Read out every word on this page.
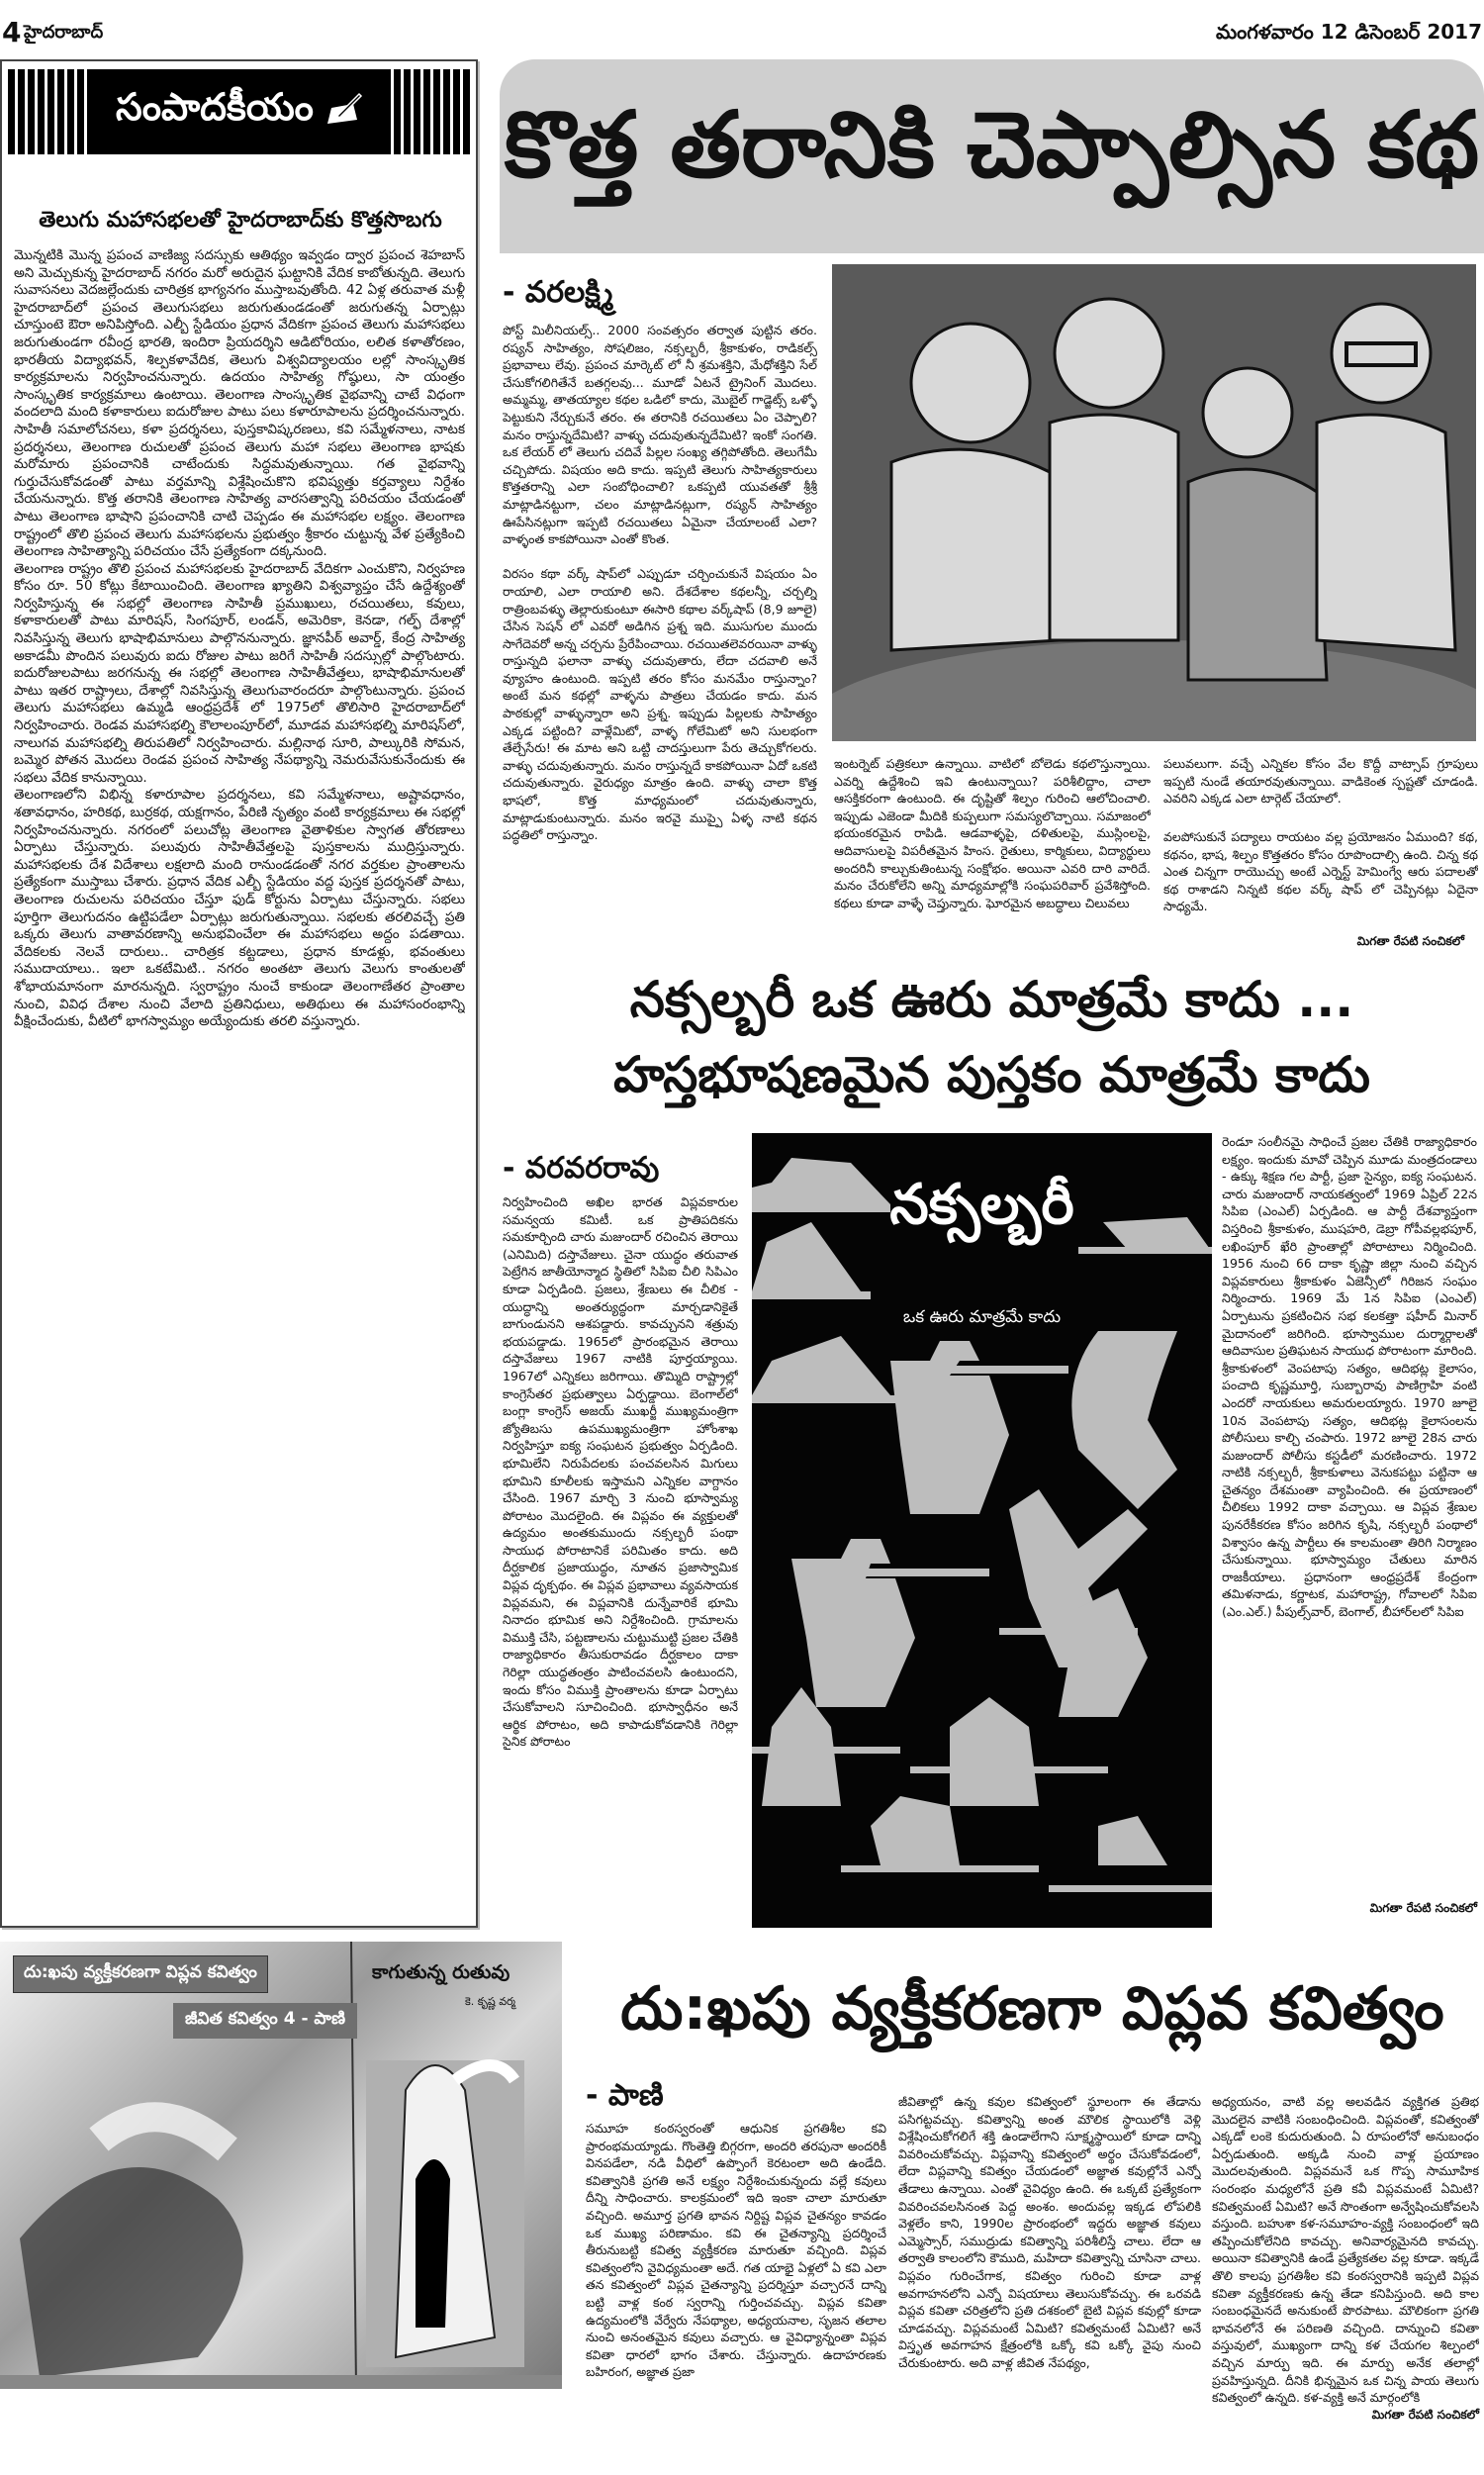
4 హైదరాబాద్	మంగళవారం 12 డిసెంబర్ 2017
సంపాదకీయం
తెలుగు మహాసభలతో హైదరాబాద్‌కు కొత్తసొబగు

మొన్నటికి మొన్న ప్రపంచ వాణిజ్య సదస్సుకు ఆతిథ్యం ఇవ్వడం ద్వార ప్రపంచ శెహబాస్ అని మెచ్చుకున్న హైదరాబాద్ నగరం మరో అరుదైన ఘట్టానికి వేదిక కాబోతున్నది. తెలుగు సువాసనలు వెదజల్లేందుకు చారిత్రక భాగ్యనగం ముస్తాబవుతోంది. 42 ఏళ్ల తరువాత మళ్లీ హైదరాబాద్‌లో ప్రపంచ తెలుగుసభలు జరుగుతుండడంతో జరుగుతన్న ఏర్పాట్లు చూస్తుంటె ఔరా అనిపిస్తోంది. ఎల్బీ స్టేడియం ప్రధాన వేదికగా ప్రపంచ తెలుగు మహాసభలు జరుగుతుండగా రవీంద్ర భారతి, ఇందిరా ప్రియదర్శిని ఆడిటోరియం, లలిత కళాతోరణం, భారతీయ విద్యాభవన్, శిల్పకళావేదిక, తెలుగు విశ్వవిద్యాలయం లల్లో సాంస్కృతిక కార్యక్రమాలను నిర్వహించనున్నారు. ఉదయం సాహిత్య గోష్ఠులు, సా యంత్రం సాంస్కృతిక కార్యక్రమాలు ఉంటాయి. తెలంగాణ సాంస్కృతిక వైభవాన్ని చాటే విధంగా వందలాది మంది కళాకారులు ఐదురోజుల పాటు పలు కళారూపాలను ప్రదర్శించనున్నారు. సాహితీ సమాలోచనలు, కళా ప్రదర్శనలు, పుస్తకావిష్కరణలు, కవి సమ్మేళనాలు, నాటక ప్రదర్శనలు, తెలంగాణ రుచులతో ప్రపంచ తెలుగు మహా సభలు తెలంగాణ భాషకు మరోమారు ప్రపంచానికి చాటేందుకు సిద్ధమవుతున్నాయి. గత వైభవాన్ని గుర్తుచేసుకోవడంతో పాటు వర్తమాన్ని విశ్లేషించుకొని భవిష్యత్తు కర్తవ్యాలు నిర్దేశం చేయనున్నారు. కొత్త తరానికి తెలంగాణ సాహిత్య వారసత్వాన్ని పరిచయం చేయడంతో పాటు తెలంగాణ భాషాని ప్రపంచానికి చాటి చెప్పడం ఈ మహాసభల లక్ష్యం. తెలంగాణ రాష్ట్రంలో తొలి ప్రపంచ తెలుగు మహాసభలను ప్రభుత్వం శ్రీకారం చుట్టున్న వేళ ప్రత్యేకించి తెలంగాణ సాహిత్యాన్ని పరిచయం చేసే ప్రత్యేకంగా దక్కనుంది.

తెలంగాణ రాష్ట్రం తొలి ప్రపంచ మహాసభలకు హైదరాబాద్ వేదికగా ఎంచుకొని, నిర్వహణ కోసం రూ. 50 కోట్లు కేటాయించింది. తెలంగాణ ఖ్యాతిని విశ్వవ్యాప్తం చేసే ఉద్దేశ్యంతో నిర్వహిస్తున్న ఈ సభల్లో తెలంగాణ సాహితీ ప్రముఖులు, రచయితలు, కవులు, కళాకారులతో పాటు మారిషస్, సింగపూర్, లండన్, అమెరికా, కెనడా, గల్ఫ్ దేశాల్లో నివసిస్తున్న తెలుగు భాషాభిమానులు పాల్గొననున్నారు. జ్ఞానపీఠ్ అవార్డ్, కేంద్ర సాహిత్య అకాడమీ పొందిన పలువురు ఐదు రోజుల పాటు జరిగే సాహితీ సదస్సుల్లో పాల్గొంటారు. ఐదురోజులపాటు జరగనున్న ఈ సభల్లో తెలంగాణ సాహితీవేత్తలు, భాషాభిమానులతో పాటు ఇతర రాష్ట్రాలు, దేశాల్లో నివసిస్తున్న తెలుగువారందరూ పాల్గొంటున్నారు. ప్రపంచ తెలుగు మహాసభలు ఉమ్మడి ఆంధ్రప్రదేశ్ లో 1975లో తొలిసారి హైదరాబాద్‌లో నిర్వహించారు. రెండవ మహాసభల్ని కౌలాలంపూర్‌లో, మూడవ మహాసభల్ని మారిషస్‌లో, నాలుగవ మహాసభల్ని తిరుపతిలో నిర్వహించారు. మల్లినాథ సూరి, పాల్కురికి సోమన, బమ్మెర పోతన మొదలు రెండవ ప్రపంచ సాహిత్య నేపథ్యాన్ని నెమరువేసుకునేందుకు ఈ సభలు వేదిక కానున్నాయి.

తెలంగాణలోని విభిన్న కళారూపాల ప్రదర్శనలు, కవి సమ్మేళనాలు, అష్టావధానం, శతావధానం, హరికథ, బుర్రకథ, యక్షగానం, పేరిణి నృత్యం వంటి కార్యక్రమాలు ఈ సభల్లో నిర్వహించనున్నారు. నగరంలో పలుచోట్ల తెలంగాణ వైతాళికుల స్వాగత తోరణాలు ఏర్పాటు చేస్తున్నారు. పలువురు సాహితీవేత్తలపై పుస్తకాలను ముద్రిస్తున్నారు. మహాసభలకు దేశ విదేశాలు లక్షలాది మంది రానుండడంతో నగర వర్తకుల ప్రాంతాలను ప్రత్యేకంగా ముస్తాబు చేశారు. ప్రధాన వేదిక ఎల్బీ స్టేడియం వద్ద పుస్తక ప్రదర్శనతో పాటు, తెలంగాణ రుచులను పరిచయం చేస్తూ ఫుడ్ కోర్టును ఏర్పాటు చేస్తున్నారు. సభలు పూర్తిగా తెలుగుదనం ఉట్టిపడేలా ఏర్పాట్లు జరుగుతున్నాయి. సభలకు తరలివచ్చే ప్రతి ఒక్కరు తెలుగు వాతావరణాన్ని అనుభవించేలా ఈ మహాసభలు అద్దం పడతాయి. వేదికలకు నెలవే దారులు.. చారిత్రక కట్టడాలు, ప్రధాన కూడళ్లు, భవంతులు సముదాయాలు.. ఇలా ఒకటేమిటి.. నగరం అంతటా తెలుగు వెలుగు కాంతులతో శోభాయమానంగా మారనున్నది. స్వరాష్ట్రం నుంచే కాకుండా తెలంగాణేతర ప్రాంతాల నుంచి, వివిధ దేశాల నుంచి వేలాది ప్రతినిధులు, అతిథులు ఈ మహాసంరంభాన్ని వీక్షించేందుకు, వీటిలో భాగస్వామ్యం అయ్యేందుకు తరలి వస్తున్నారు.

కొత్త తరానికి చెప్పాల్సిన కథ
- వరలక్ష్మి

పోస్ట్ మిలీనియల్స్.. 2000 సంవత్సరం తర్వాత పుట్టిన తరం. రష్యన్ సాహిత్యం, సోషలిజం, నక్సల్బరీ, శ్రీకాకుళం, రాడికల్స్ ప్రభావాలు లేవు. ప్రపంచ మార్కెట్ లో నీ శ్రమశక్తిని, మేధోశక్తిని సేల్ చేసుకోగలిగితేనే బతగ్గలవు... మూడో ఏటనే ట్రైనింగ్ మొదలు. అమ్మమ్మ, తాతయ్యాల కథల ఒడిలో కాదు, మొబైల్ గాడ్జెట్స్ ఒళ్ళో పెట్టుకుని నేర్చుకునే తరం. ఈ తరానికి రచయితలు ఏం చెప్పాలి? మనం రాస్తున్నదేమిటి? వాళ్ళు చదువుతున్నదేమిటి? ఇంకో సంగతి. ఒక లేయర్ లో తెలుగు చదివే పిల్లల సంఖ్య తగ్గిపోతోంది. తెలుగేమీ చచ్చిపోదు. విషయం అది కాదు. ఇప్పటి తెలుగు సాహిత్యకారులు కొత్తతరాన్ని ఎలా సంబోధించాలి? ఒకప్పటి యువతతో శ్రీశ్రీ మాట్లాడినట్టుగా, చలం మాట్లాడినట్లుగా, రష్యన్ సాహిత్యం ఊపేసినట్లుగా ఇప్పటి రచయితలు ఏమైనా చేయాలంటే ఎలా? వాళ్ళంత కాకపోయినా ఎంతో కొంత.

విరసం కథా వర్క్ షాప్‌లో ఎప్పుడూ చర్చించుకునే విషయం ఏం రాయాలి, ఎలా రాయాలి అని. దేశదేశాల కథలన్నీ, చర్చల్ని రాత్రింబవళ్ళు తెల్లారుకుంటూ ఈసారి కథాల వర్క్‌షాప్ (8,9 జూలై) చేసిన సెషన్ లో ఎవరో అడిగిన ప్రశ్న ఇది. ముసుగుల ముందు సాగేదెవరో అన్న చర్చను ప్రేరేపించాయి. రచయితలెవరయినా వాళ్ళు రాస్తున్నది ఫలానా వాళ్ళు చదువుతారు, లేదా చదవాలి అనే వ్యూహం ఉంటుంది. ఇప్పటి తరం కోసం మనమేం రాస్తున్నాం? అంటే మన కథల్లో వాళ్ళను పాత్రలు చేయడం కాదు. మన పాఠకుల్లో వాళ్ళున్నారా అని ప్రశ్న. ఇప్పుడు పిల్లలకు సాహిత్యం ఎక్కడ పట్టింది? వాళ్లేమిటో, వాళ్ళ గోలేమిటో అని సులభంగా తేల్చేసేరు! ఈ మాట అని ఒట్టి చాదస్తులుగా పేరు తెచ్చుకోగలరు. వాళ్ళు చదువుతున్నారు. మనం రాస్తున్నదే కాకపోయినా ఏదో ఒకటి చదువుతున్నారు. వైరుధ్యం మాత్రం ఉంది. వాళ్ళు చాలా కొత్త భాషలో, కొత్త మాధ్యమంలో చదువుతున్నారు, మాట్లాడుకుంటున్నారు. మనం ఇరవై ముప్పై ఏళ్ళ నాటి కథన పద్ధతిలో రాస్తున్నాం.

ఇంటర్నెట్ పత్రికలూ ఉన్నాయి. వాటిలో బోలెడు కథలొస్తున్నాయి. ఎవర్ని ఉద్దేశించి ఇవి ఉంటున్నాయి? పరిశీలిద్దాం, చాలా ఆసక్తికరంగా ఉంటుంది. ఈ దృష్టితో శిల్పం గురించి ఆలోచించాలి. ఇప్పుడు ఎజెండా మీదికి కుప్పలుగా సమస్యలొచ్చాయి. సమాజంలో భయంకరమైన రాపిడి. ఆడవాళ్ళపై, దళితులపై, ముస్లింలపై, ఆదివాసులపై విపరీతమైన హింస. రైతులు, కార్మికులు, విద్యార్థులు అందరినీ కాల్చుకుతింటున్న సంక్షోభం. అయినా ఎవరి దారి వారిదే. మనం చేరుకోలేని అన్ని మాధ్యమాల్లోకి సంఘపరివార్ ప్రవేశిస్తోంది. కథలు కూడా వాళ్ళే చెప్తున్నారు. ఘోరమైన అబద్ధాలు చిలువలు
పలువలుగా. వచ్చే ఎన్నికల కోసం వేల కొద్దీ వాట్సాప్ గ్రూపులు ఇప్పటి నుండే తయారవుతున్నాయి. వాడికెంత స్పష్టతో చూడండి. ఎవరిని ఎక్కడ ఎలా టార్గెట్ చేయాలో.
వలపోసుకునే పద్యాలు రాయటం వల్ల ప్రయోజనం ఏముంది? కథ, కథనం, భాష, శిల్పం కొత్తతరం కోసం రూపొందాల్సి ఉంది. చిన్న కథ ఎంత చిన్నగా రాయొచ్చు అంటే ఎర్నెస్ట్ హెమింగ్వే ఆరు పదాలతో కథ రాశాడని నిన్నటి కథల వర్క్ షాప్ లో చెప్పినట్లు ఏదైనా సాధ్యమే.
మిగతా రేపటి సంచికలో
నక్సల్బరీ ఒక ఊరు మాత్రమే కాదు ...
హస్తభూషణమైన పుస్తకం మాత్రమే కాదు
- వరవరరావు
నిర్వహించింది అఖిల భారత విప్లవకారుల సమన్వయ కమిటీ. ఒక ప్రాతిపదికను సమకూర్చింది చారు మజుందార్ రచించిన తెరాయి (ఎనిమిది) దస్తావేజులు. చైనా యుద్ధం తరువాత పెట్రేగిన జాతీయోన్మాద స్థితిలో సిపిఐ చీలి సిపిఎం కూడా ఏర్పడింది. ప్రజలు, శ్రేణులు ఈ చీలిక - యుద్ధాన్ని అంతర్యుద్ధంగా మార్చడానికైతే బాగుండునని ఆశపడ్డారు. కావచ్చునని శత్రువు భయపడ్డాడు. 1965లో ప్రారంభమైన తెరాయి దస్తావేజులు 1967 నాటికి పూర్తయ్యాయి. 1967లో ఎన్నికలు జరిగాయి. తొమ్మిది రాష్ట్రాల్లో కాంగ్రెసేతర ప్రభుత్వాలు ఏర్పడ్డాయి. బెంగాల్‌లో బంగ్లా కాంగ్రెస్ అజయ్ ముఖర్జీ ముఖ్యమంత్రిగా జ్యోతిబసు ఉపముఖ్యమంత్రిగా హోంశాఖ నిర్వహిస్తూ ఐక్య సంఘటన ప్రభుత్వం ఏర్పడింది. భూమిలేని నిరుపేదలకు పంచవలసిన మిగులు భూమిని కూలీలకు ఇస్తామని ఎన్నికల వాగ్దానం చేసింది. 1967 మార్చి 3 నుంచి భూస్వామ్య పోరాటం మొదలైంది. ఈ విప్లవం ఈ వ్యక్తులతో ఉద్యమం అంతకుముందు నక్సల్బరీ పంథా సాయుధ పోరాటానికే పరిమితం కాదు. అది దీర్ఘకాలిక ప్రజాయుద్ధం, నూతన ప్రజాస్వామిక విప్లవ దృక్పథం. ఈ విప్లవ ప్రభావాలు వ్యవసాయక విప్లవమని, ఈ విప్లవానికి దున్నేవారికే భూమి నినాదం భూమిక అని నిర్దేశించింది. గ్రామాలను విముక్తి చేసి, పట్టణాలను చుట్టుముట్టి ప్రజల చేతికి రాజ్యాధికారం తీసుకురావడం దీర్ఘకాలం దాకా గెరిల్లా యుద్ధతంత్రం పాటించవలసి ఉంటుందని, ఇందు కోసం విముక్తి ప్రాంతాలను కూడా ఏర్పాటు చేసుకోవాలని సూచించింది. భూస్వాధీనం అనే ఆర్థిక పోరాటం, అది కాపాడుకోవడానికి గెరిల్లా సైనిక పోరాటం
నక్సల్బరీ
ఒక ఊరు మాత్రమే కాదు
రెండూ సంలీనమై సాధించే ప్రజల చేతికి రాజ్యాధికారం లక్ష్యం. ఇందుకు మావో చెప్పిన మూడు మంత్రదండాలు - ఉక్కు శిక్షణ గల పార్టీ, ప్రజా సైన్యం, ఐక్య సంఘటన. చారు మజుందార్ నాయకత్వంలో 1969 ఏప్రిల్ 22న సిపిఐ (ఎంఎల్) ఏర్పడింది. ఆ పార్టీ దేశవ్యాప్తంగా విస్తరించి శ్రీకాకుళం, ముషహరి, డెబ్రా గోపీవల్లభపూర్, లఖింపూర్ ఖేరి ప్రాంతాల్లో పోరాటాలు నిర్మించింది. 1956 నుంచి 66 దాకా కృష్ణా జిల్లా నుంచి వచ్చిన విప్లవకారులు శ్రీకాకుళం ఏజెన్సీలో గిరిజన సంఘం నిర్మించారు. 1969 మే 1న సిపిఐ (ఎంఎల్) ఏర్పాటును ప్రకటించిన సభ కలకత్తా షహీద్ మినార్ మైదానంలో జరిగింది. భూస్వాముల దుర్మార్గాలతో ఆదివాసుల ప్రతిఘటన సాయుధ పోరాటంగా మారింది. శ్రీకాకుళంలో వెంపటాపు సత్యం, ఆదిభట్ల కైలాసం, పంచాది కృష్ణమూర్తి, సుబ్బారావు పాణిగ్రాహి వంటి ఎందరో నాయకులు అమరులయ్యారు. 1970 జూలై 10న వెంపటాపు సత్యం, ఆదిభట్ల కైలాసంలను పోలీసులు కాల్చి చంపారు. 1972 జూలై 28న చారు మజుందార్ పోలీసు కస్టడీలో మరణించారు. 1972 నాటికి నక్సల్బరీ, శ్రీకాకుళాలు వెనుకపట్టు పట్టినా ఆ చైతన్యం దేశమంతా వ్యాపించింది. ఈ ప్రయాణంలో చీలికలు 1992 దాకా వచ్చాయి. ఆ విప్లవ శ్రేణుల పునరేకీకరణ కోసం జరిగిన కృషి, నక్సల్బరీ పంథాలో విశ్వాసం ఉన్న పార్టీలు ఈ కాలమంతా తిరిగి నిర్మాణం చేసుకున్నాయి. భూస్వామ్యం చేతులు మారిన రాజకీయాలు. ప్రధానంగా ఆంధ్రప్రదేశ్ కేంద్రంగా తమిళనాడు, కర్ణాటక, మహారాష్ట్ర, గోవాలలో సిపిఐ (ఎం.ఎల్.) పీపుల్స్‌వార్, బెంగాల్, బీహార్‌లలో సిపిఐ
మిగతా రేపటి సంచికలో
దు:ఖపు వ్యక్తీకరణగా విప్లవ కవిత్వం
జీవిత కవిత్వం 4 - పాణి
కాగుతున్న రుతువు
కె. కృష్ణ వర్మ	దు:ఖపు వ్యక్తీకరణగా విప్లవ కవిత్వం
- పాణి
సమూహ కంఠస్వరంతో ఆధునిక ప్రగతిశీల కవి ప్రారంభమయ్యాడు. గొంతెత్తి బిగ్గరగా, అందరి తరపునా అందరికీ వినపడేలా, నడి వీధిలో ఉప్పొంగే కెరటంలా అది ఉండేది. కవిత్వానికి ప్రగతి అనే లక్ష్యం నిర్దేశించుకున్నందు వల్లే కవులు దీన్ని సాధించారు. కాలక్రమంలో ఇది ఇంకా చాలా మారుతూ వచ్చింది. అమూర్త ప్రగతి భావన నిర్దిష్ట విప్లవ చైతన్యం కావడం ఒక ముఖ్య పరిణామం. కవి ఈ చైతన్యాన్ని ప్రదర్శించే తీరునుబట్టి కవిత్వ వ్యక్తీకరణ మారుతూ వచ్చింది. విప్లవ కవిత్వంలోని వైవిధ్యమంతా అదే. గత యాభై ఏళ్లలో ఏ కవి ఎలా తన కవిత్వంలో విప్లవ చైతన్యాన్ని ప్రదర్శిస్తూ వచ్చారనే దాన్ని బట్టి వాళ్ల కంఠ స్వరాన్ని గుర్తించవచ్చు. విప్లవ కవితా ఉద్యమంలోకి వేర్వేరు నేపథ్యాల, అధ్యయనాల, సృజన తలాల నుంచి అనంతమైన కవులు వచ్చారు. ఆ వైవిధ్యాన్నంతా విప్లవ కవితా ధారలో భాగం చేశారు. చేస్తున్నారు. ఉదాహరణకు బహిరంగ, అజ్ఞాత ప్రజా
జీవితాల్లో ఉన్న కవుల కవిత్వంలో స్థూలంగా ఈ తేడాను పసిగట్టవచ్చు. కవిత్వాన్ని అంత మౌలిక స్థాయిలోకి వెళ్లి విశ్లేషించుకోగలిగే శక్తి ఉండాలేగాని సూక్ష్మస్థాయిలో కూడా దాన్ని వివరించుకోవచ్చు. విప్లవాన్ని కవిత్వంలో అర్థం చేసుకోవడంలో, లేదా విప్లవాన్ని కవిత్వం చేయడంలో అజ్ఞాత కవుల్లోనే ఎన్నో తేడాలు ఉన్నాయి. ఎంతో వైవిధ్యం ఉంది. ఈ ఒక్కటే ప్రత్యేకంగా వివరించవలసినంత పెద్ద అంశం. అందువల్ల ఇక్కడ లోపలికి వెళ్లలేం కాని, 1990ల ప్రారంభంలో ఇద్దరు అజ్ఞాత కవులు ఎమ్మెస్సార్, సముద్రుడు కవిత్వాన్ని పరిశీలిస్తే చాలు. లేదా ఆ తర్వాతి కాలంలోని కౌముది, మహిదా కవిత్వాన్ని చూసినా చాలు. విప్లవం గురించేగాక, కవిత్వం గురించి కూడా వాళ్ల అవగాహనలోని ఎన్నో విషయాలు తెలుసుకోవచ్చు. ఈ ఒరవడి విప్లవ కవితా చరిత్రలోని ప్రతి దశకంలో బైటి విప్లవ కవుల్లో కూడా చూడవచ్చు. విప్లవమంటే ఏమిటి? కవిత్వమంటే ఏమిటి? అనే విస్తృత అవగాహన క్షేత్రంలోకి ఒక్కో కవి ఒక్కో వైపు నుంచి చేరుకుంటారు. అది వాళ్ల జీవిత నేపథ్యం,
అధ్యయనం, వాటి వల్ల అలవడిన వ్యక్తిగత ప్రతిభ మొదలైన వాటికి సంబంధించింది. విప్లవంతో, కవిత్వంతో ఎక్కడో లంకె కుదురుతుంది. ఏ రూపంలోనో అనుబంధం ఏర్పడుతుంది. అక్కడి నుంచి వాళ్ల ప్రయాణం మొదలవుతుంది. విప్లవమనే ఒక గొప్ప సామూహిక సంరంభం మధ్యలోనే ప్రతి కవీ విప్లవమంటే ఏమిటి? కవిత్వమంటే ఏమిటి? అనే సొంతంగా అన్వేషించుకోవలసి వస్తుంది. బహుశా కళ-సమూహం-వ్యక్తి సంబంధంలో ఇది తప్పించుకోలేనిది కావచ్చు. అనివార్యమైనది కావచ్చు. అయినా కవిత్వానికి ఉండే ప్రత్యేకతల వల్ల కూడా. ఇక్కడే తొలి కాలపు ప్రగతిశీల కవి కంఠస్వరానికి ఇప్పటి విప్లవ కవితా వ్యక్తీకరణకు ఉన్న తేడా కనిపిస్తుంది. అది కాల సంబంధమైనదే అనుకుంటే పొరపాటు. మౌలికంగా ప్రగతి భావనలోనే ఈ పరిణతి వచ్చింది. దాన్నుంచి కవితా వస్తువులో, ముఖ్యంగా దాన్ని కళ చేయగల శిల్పంలో వచ్చిన మార్పు ఇది. ఈ మార్పు అనేక తలాల్లో ప్రవహిస్తున్నది. దీనికి భిన్నమైన ఒక చిన్న పాయ తెలుగు కవిత్వంలో ఉన్నది. కళ-వ్యక్తి అనే మార్గంలోకి
మిగతా రేపటి సంచికలో
